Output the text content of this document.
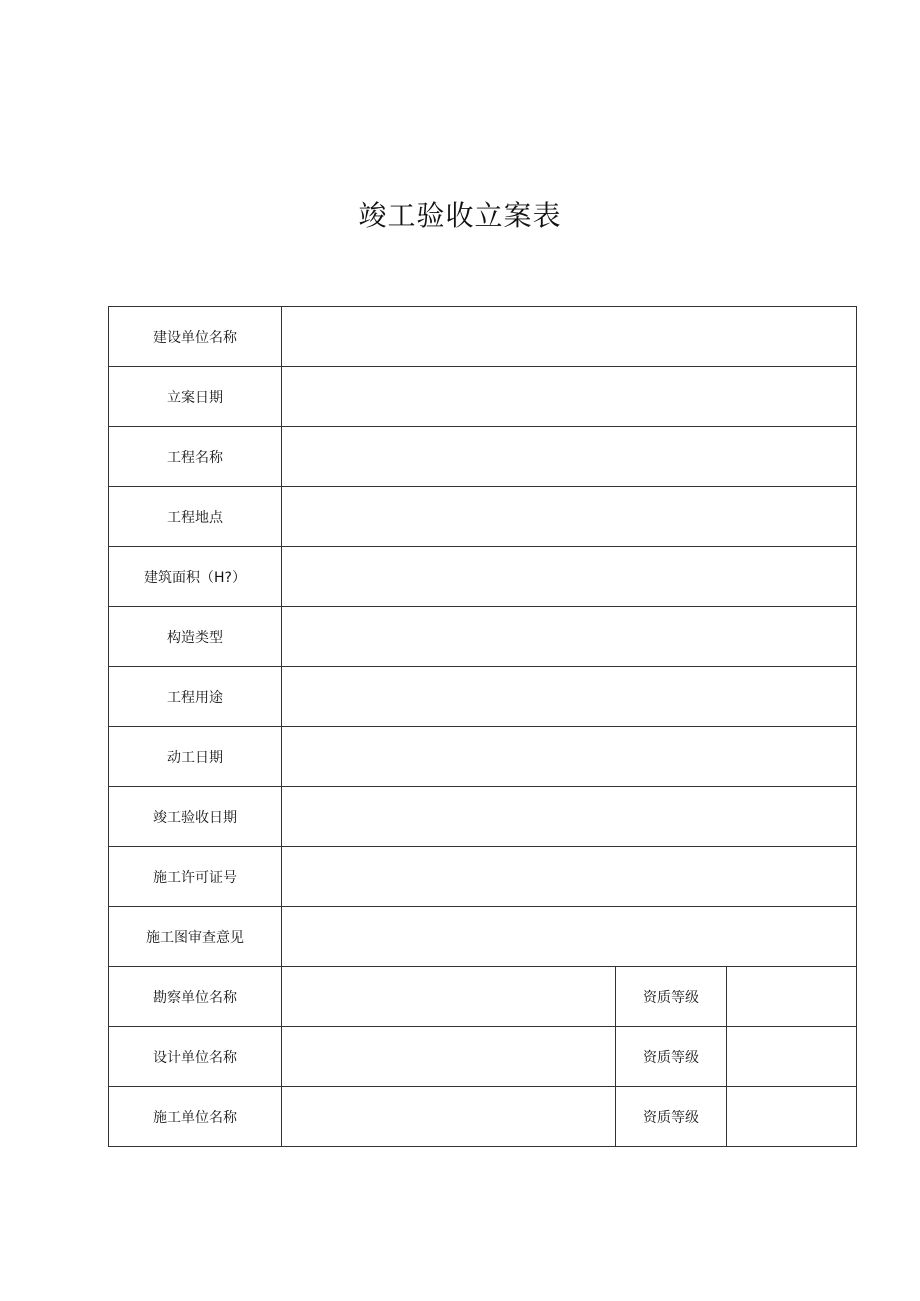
竣工验收立案表
建设单位名称			
立案日期			
工程名称			
工程地点			
建筑面积（H?）			
构造类型			
工程用途			
动工日期			
竣工验收日期			
施工许可证号			
施工图审查意见			
勘察单位名称		资质等级	
设计单位名称		资质等级	
施工单位名称		资质等级	
